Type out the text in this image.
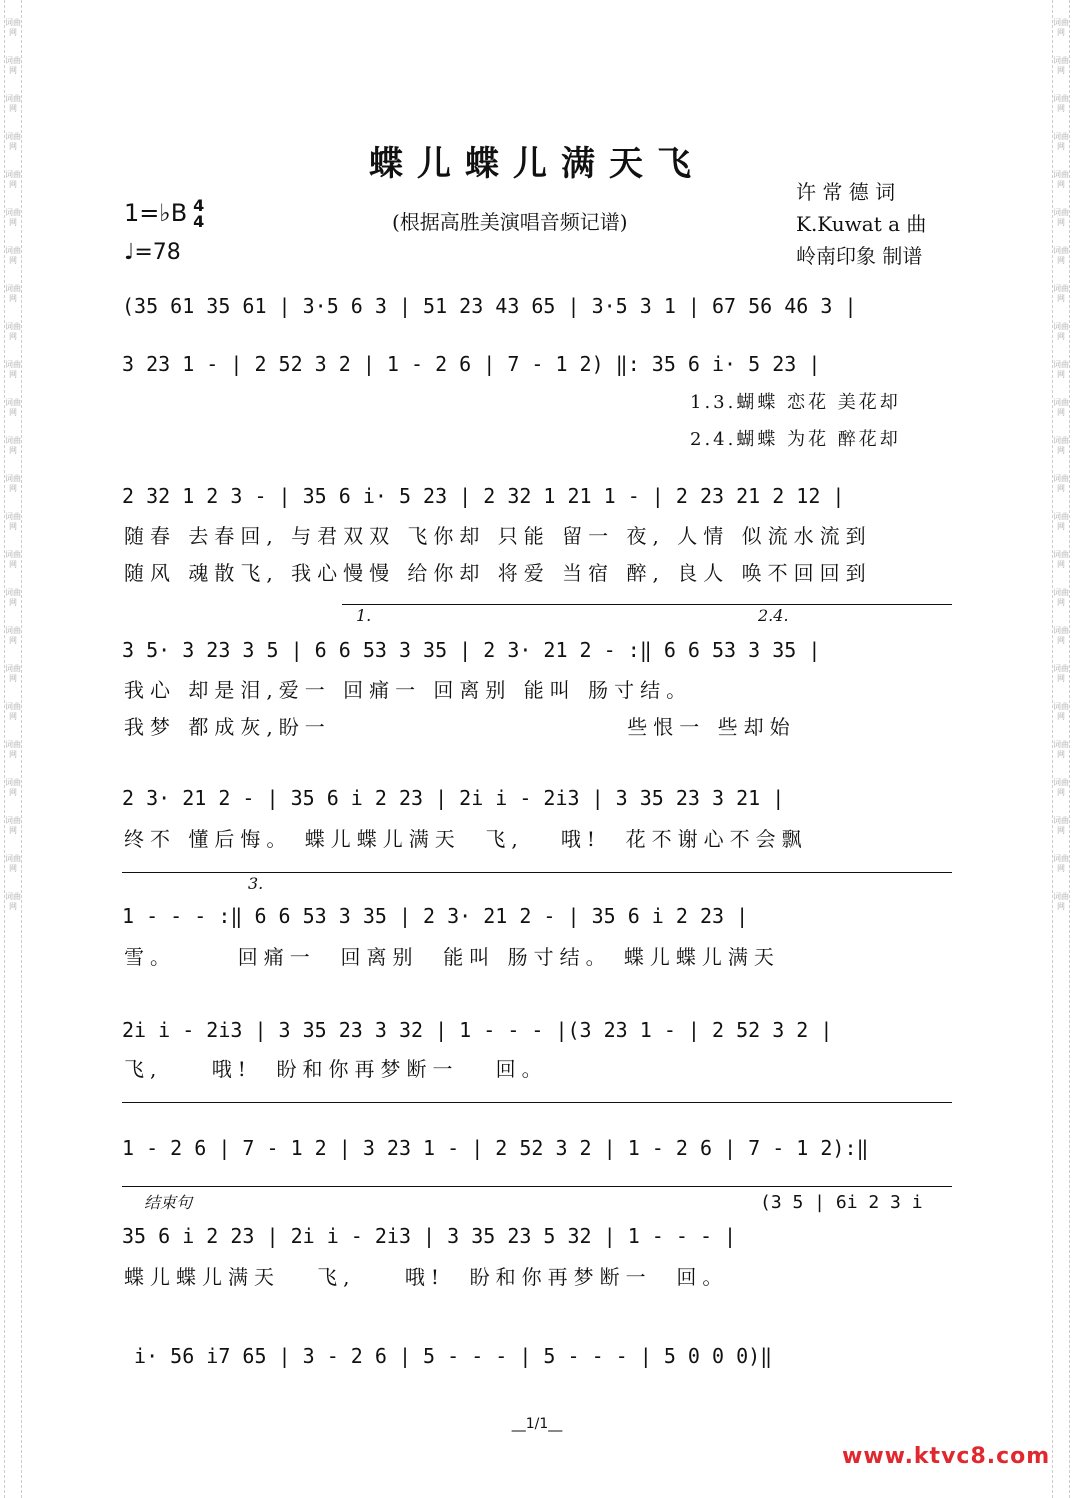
词曲网
词曲网
词曲网
词曲网
词曲网
词曲网
词曲网
词曲网
词曲网
词曲网
词曲网
词曲网
词曲网
词曲网
词曲网
词曲网
词曲网
词曲网
词曲网
词曲网
词曲网
词曲网
词曲网
词曲网
词曲网
词曲网
词曲网
词曲网
词曲网
词曲网
词曲网
词曲网
词曲网
词曲网
词曲网
词曲网
词曲网
词曲网
词曲网
词曲网
词曲网
词曲网
词曲网
词曲网
词曲网
词曲网
词曲网
词曲网
蝶儿蝶儿满天飞
1=♭B 4
4
♩=78
(根据高胜美演唱音频记谱)
许 常 德 词
K.Kuwat a 曲
岭南印象 制谱
(35 61 35 61 | 3·5 6 3 | 51 23 43 65 | 3·5 3 1 | 67 56 46 3 |
3 23 1 - | 2 52 3 2 | 1 - 2 6 | 7 - 1 2) ‖: 35 6 i· 5 23 |
1.3.蝴蝶 恋花 美花却
2.4.蝴蝶 为花 醉花却
2 32 1 2 3 - | 35 6 i· 5 23 | 2 32 1 21 1 - | 2 23 21 2 12 |
随春 去春回, 与君双双 飞你却 只能 留一 夜, 人情 似流水流到
随风 魂散飞, 我心慢慢 给你却 将爱 当宿 醉, 良人 唤不回回到
1.	2.4.
3 5· 3 23 3 5 | 6 6 53 3 35 | 2 3· 21 2 - :‖ 6 6 53 3 35 |
我心 却是泪,爱一 回痛一 回离别 能叫 肠寸结。
我梦 都成灰,盼一                        些恨一 些却始
2 3· 21 2 - | 35 6 i 2 23 | 2i i - 2i3 | 3 35 23 3 21 |
终不 懂后悔。 蝶儿蝶儿满天  飞,   哦!  花不谢心不会飘
3.
1 - - - :‖ 6 6 53 3 35 | 2 3· 21 2 - | 35 6 i 2 23 |
雪。     回痛一  回离别  能叫 肠寸结。 蝶儿蝶儿满天
2i i - 2i3 | 3 35 23 3 32 | 1 - - - |(3 23 1 - | 2 52 3 2 |
飞,    哦!  盼和你再梦断一   回。
1 - 2 6 | 7 - 1 2 | 3 23 1 - | 2 52 3 2 | 1 - 2 6 | 7 - 1 2):‖
结束句	(3 5 | 6i 2 3 i
35 6 i 2 23 | 2i i - 2i3 | 3 35 23 5 32 | 1 - - - |
蝶儿蝶儿满天   飞,    哦!  盼和你再梦断一  回。
i· 56 i7 65 | 3 - 2 6 | 5 - - - | 5 - - - | 5 0 0 0)‖
__1/1__
www.ktvc8.com
